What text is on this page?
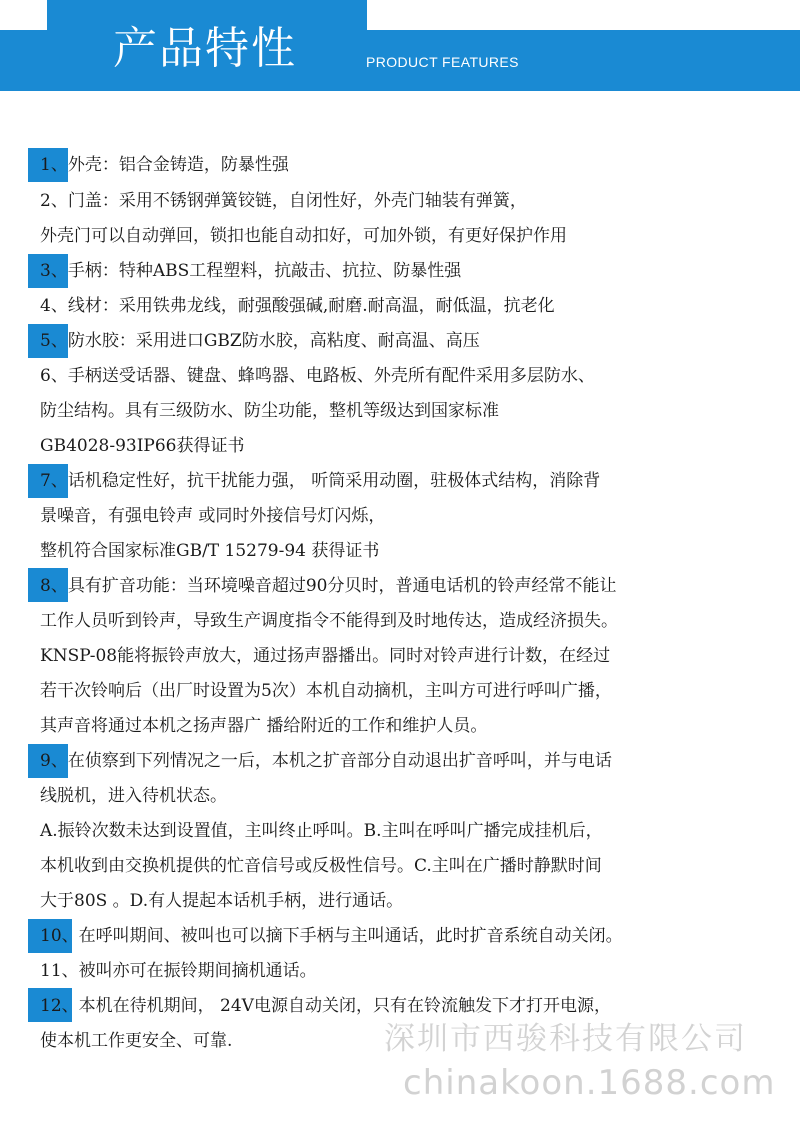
产品特性	PRODUCT FEATURES
1、外壳：铝合金铸造，防暴性强
2、门盖：采用不锈钢弹簧铰链，自闭性好，外壳门轴装有弹簧，
外壳门可以自动弹回，锁扣也能自动扣好，可加外锁，有更好保护作用
3、手柄：特种ABS工程塑料，抗敲击、抗拉、防暴性强
4、线材：采用铁弗龙线，耐强酸强碱,耐磨.耐高温，耐低温，抗老化
5、防水胶：采用进口GBZ防水胶，高粘度、耐高温、高压
6、手柄送受话器、键盘、蜂鸣器、电路板、外壳所有配件采用多层防水、
防尘结构。具有三级防水、防尘功能，整机等级达到国家标准
GB4028-93IP66获得证书
7、话机稳定性好，抗干扰能力强， 听筒采用动圈，驻极体式结构，消除背
景噪音，有强电铃声 或同时外接信号灯闪烁，
整机符合国家标准GB/T 15279-94 获得证书
8、具有扩音功能：当环境噪音超过90分贝时，普通电话机的铃声经常不能让
工作人员听到铃声，导致生产调度指令不能得到及时地传达，造成经济损失。
KNSP-08能将振铃声放大，通过扬声器播出。同时对铃声进行计数，在经过
若干次铃响后（出厂时设置为5次）本机自动摘机，主叫方可进行呼叫广播，
其声音将通过本机之扬声器广 播给附近的工作和维护人员。
9、在侦察到下列情况之一后，本机之扩音部分自动退出扩音呼叫，并与电话
线脱机，进入待机状态。
A.振铃次数未达到设置值，主叫终止呼叫。B.主叫在呼叫广播完成挂机后，
本机收到由交换机提供的忙音信号或反极性信号。C.主叫在广播时静默时间
大于80S 。D.有人提起本话机手柄，进行通话。
10、在呼叫期间、被叫也可以摘下手柄与主叫通话，此时扩音系统自动关闭。
11、被叫亦可在振铃期间摘机通话。
12、本机在待机期间， 24V电源自动关闭，只有在铃流触发下才打开电源，
使本机工作更安全、可靠.	深圳市西骏科技有限公司
chinakoon.1688.com
